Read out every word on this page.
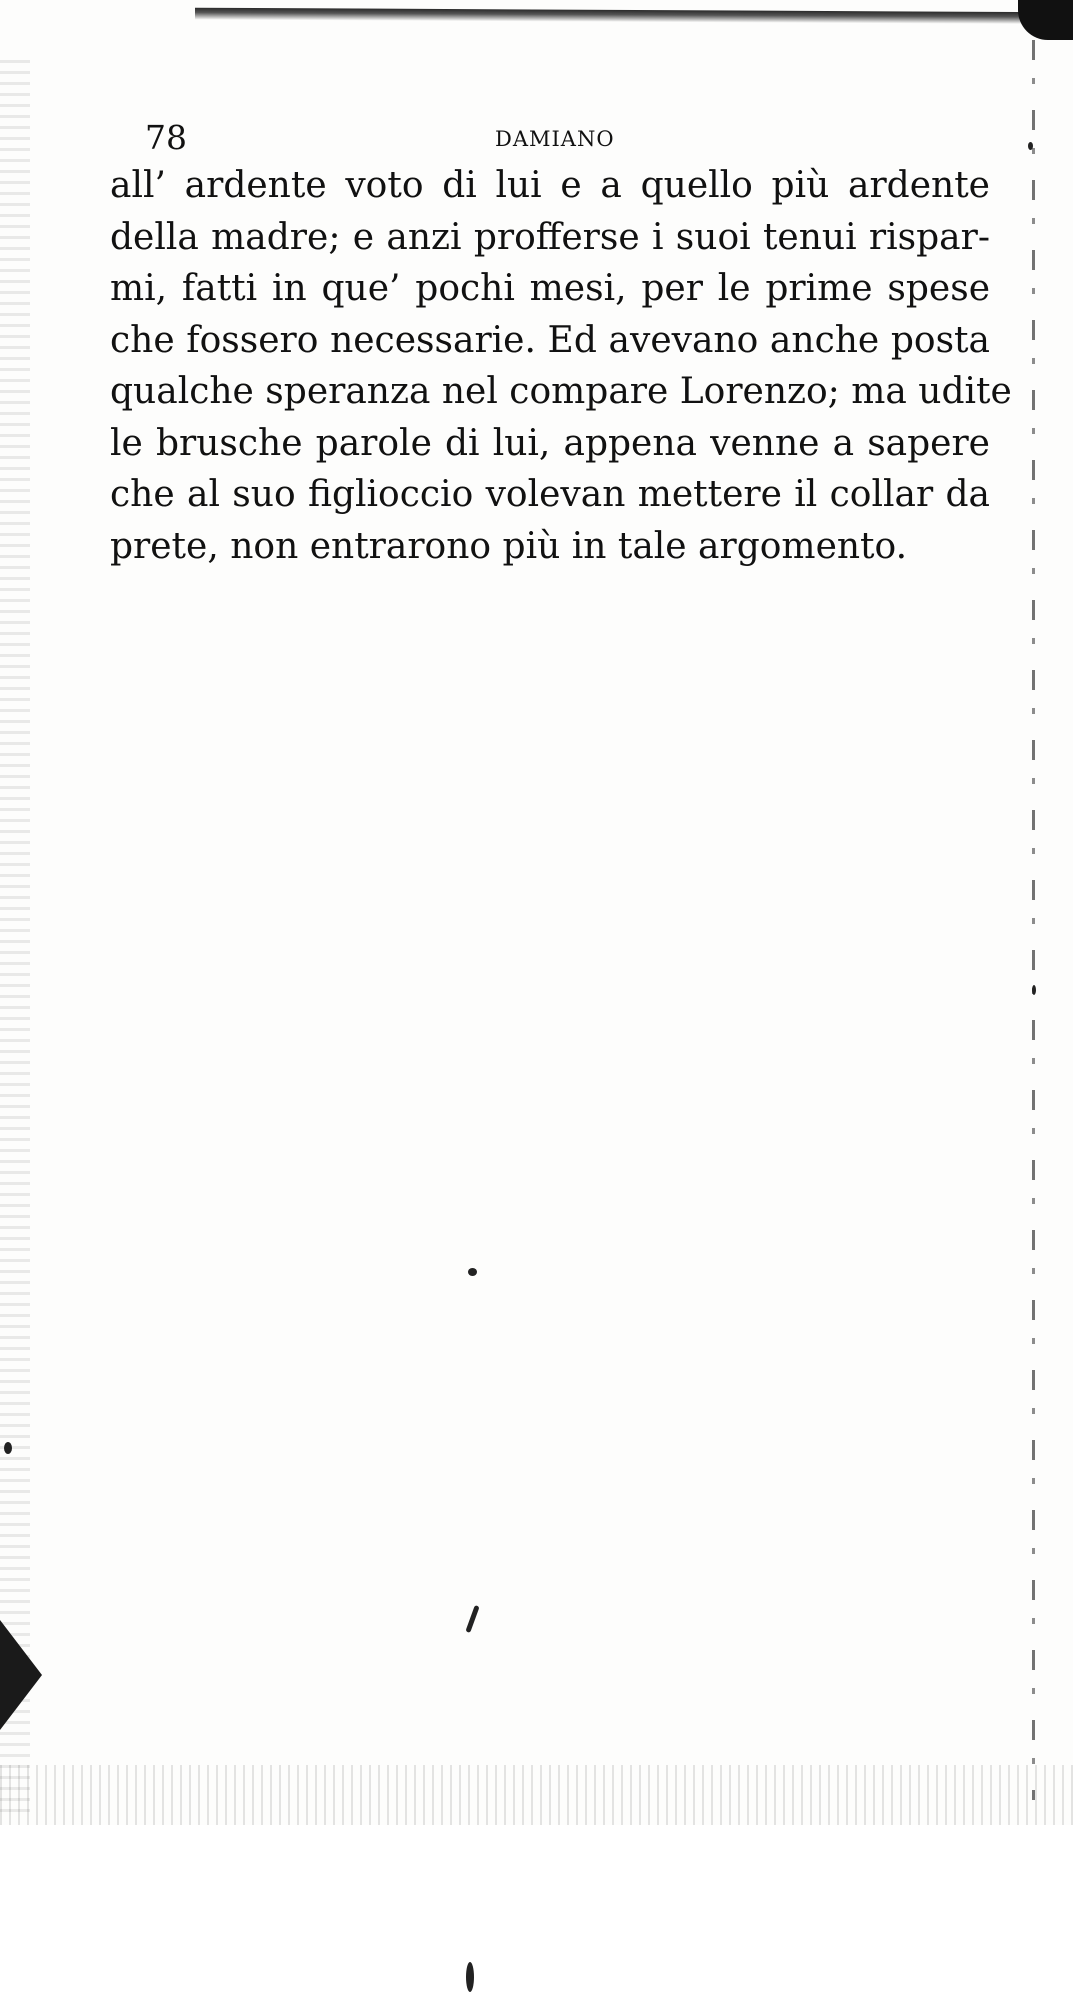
78	DAMIANO
all’ ardente voto di lui e a quello più ardente
della madre; e anzi profferse i suoi tenui rispar-
mi, fatti in que’ pochi mesi, per le prime spese
che fossero necessarie. Ed avevano anche posta
qualche speranza nel compare Lorenzo; ma udite
le brusche parole di lui, appena venne a sapere
che al suo figlioccio volevan mettere il collar da
prete, non entrarono più in tale argomento.
